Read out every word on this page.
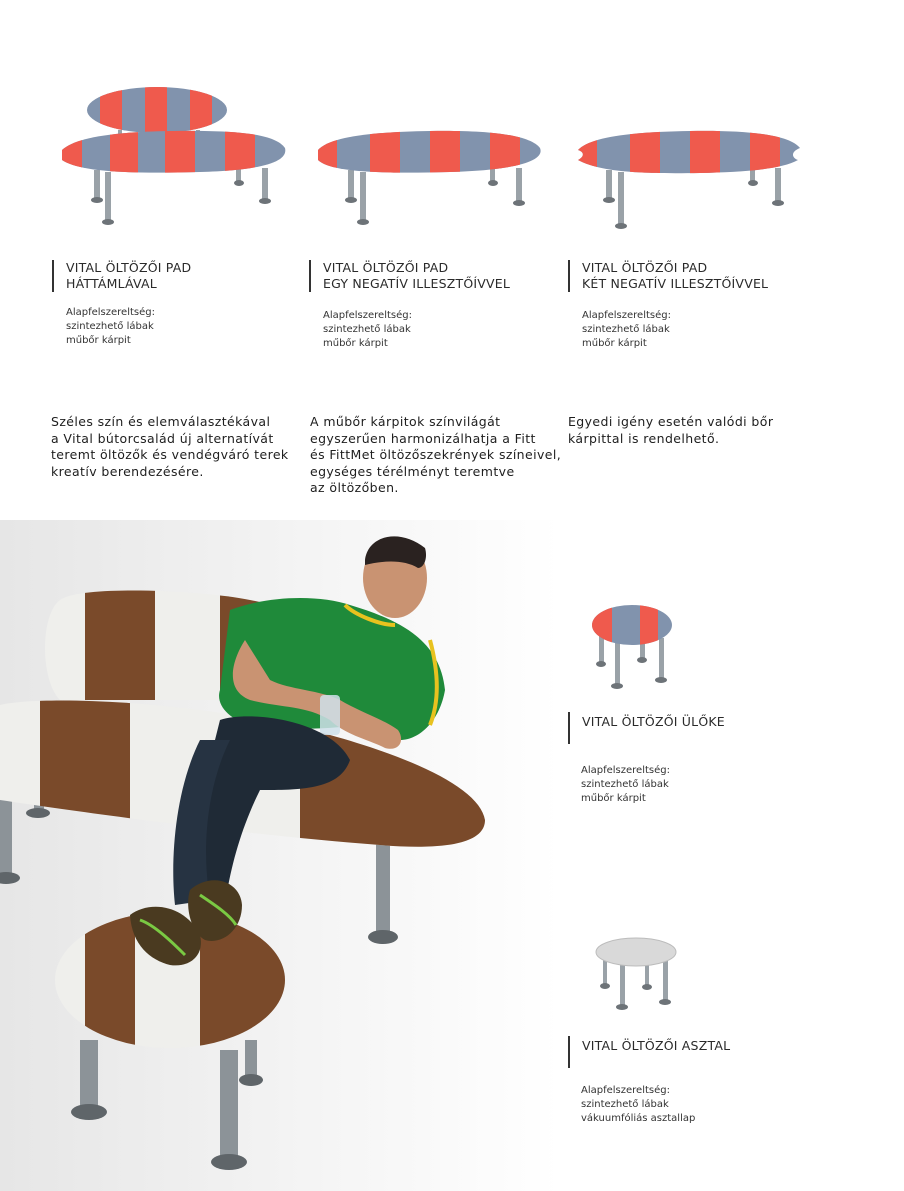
VITAL ÖLTÖZŐI PAD
HÁTTÁMLÁVAL
Alapfelszereltség:
szintezhető lábak
műbőr kárpit
VITAL ÖLTÖZŐI PAD
EGY NEGATÍV ILLESZTŐÍVVEL
Alapfelszereltség:
szintezhető lábak
műbőr kárpit
VITAL ÖLTÖZŐI PAD
KÉT NEGATÍV ILLESZTŐÍVVEL
Alapfelszereltség:
szintezhető lábak
műbőr kárpit
Széles szín és elemválasztékával
a Vital bútorcsalád új alternatívát
teremt öltözők és vendégváró terek
kreatív berendezésére.
A műbőr kárpitok színvilágát
egyszerűen harmonizálhatja a Fitt
és FittMet öltözőszekrények színeivel,
egységes térélményt teremtve
az öltözőben.
Egyedi igény esetén valódi bőr
kárpittal is rendelhető.
VITAL ÖLTÖZŐI ÜLŐKE
Alapfelszereltség:
szintezhető lábak
műbőr kárpit
VITAL ÖLTÖZŐI ASZTAL
Alapfelszereltség:
szintezhető lábak
vákuumfóliás asztallap
